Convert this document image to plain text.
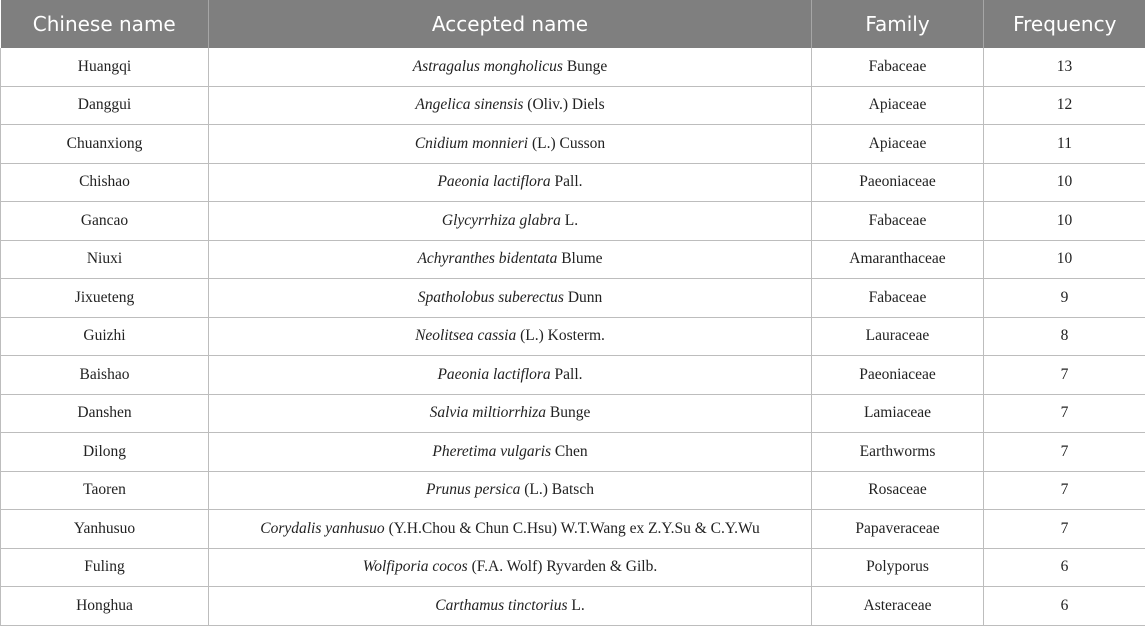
Chinese name	Accepted name	Family	Frequency
Huangqi	Astragalus mongholicus Bunge	Fabaceae	13
Danggui	Angelica sinensis (Oliv.) Diels	Apiaceae	12
Chuanxiong	Cnidium monnieri (L.) Cusson	Apiaceae	11
Chishao	Paeonia lactiflora Pall.	Paeoniaceae	10
Gancao	Glycyrrhiza glabra L.	Fabaceae	10
Niuxi	Achyranthes bidentata Blume	Amaranthaceae	10
Jixueteng	Spatholobus suberectus Dunn	Fabaceae	9
Guizhi	Neolitsea cassia (L.) Kosterm.	Lauraceae	8
Baishao	Paeonia lactiflora Pall.	Paeoniaceae	7
Danshen	Salvia miltiorrhiza Bunge	Lamiaceae	7
Dilong	Pheretima vulgaris Chen	Earthworms	7
Taoren	Prunus persica (L.) Batsch	Rosaceae	7
Yanhusuo	Corydalis yanhusuo (Y.H.Chou & Chun C.Hsu) W.T.Wang ex Z.Y.Su & C.Y.Wu	Papaveraceae	7
Fuling	Wolfiporia cocos (F.A. Wolf) Ryvarden & Gilb.	Polyporus	6
Honghua	Carthamus tinctorius L.	Asteraceae	6
